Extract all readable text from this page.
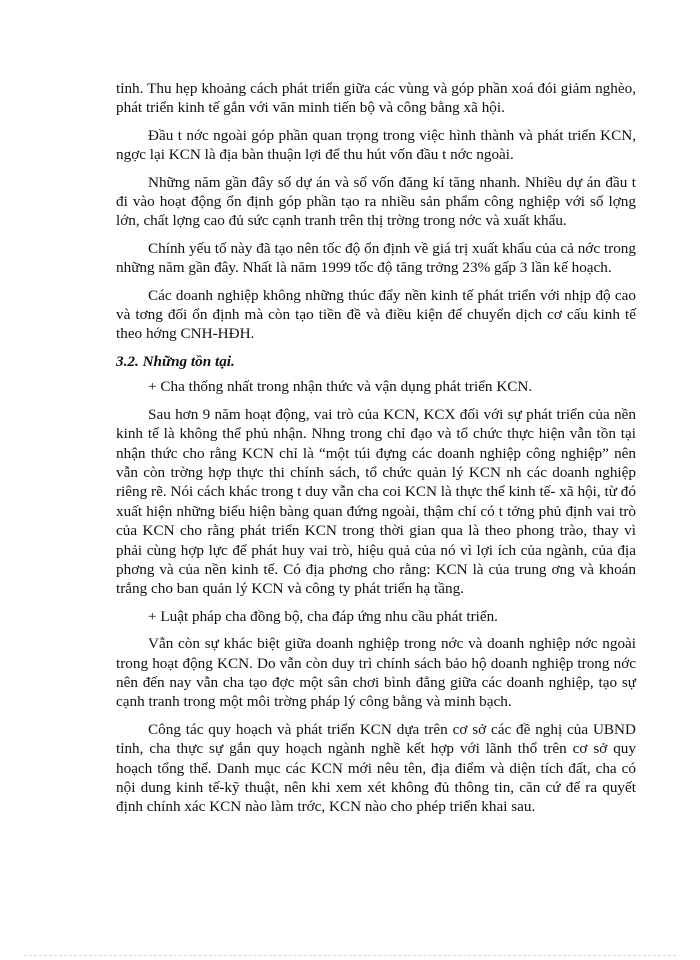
tỉnh. Thu hẹp khoảng cách phát triển giữa các vùng và góp phần xoá đói giảm nghèo, phát triển kinh tế gắn với văn minh tiến bộ và công bằng xã hội.

Đầu t nớc ngoài góp phần quan trọng trong việc hình thành và phát triển KCN, ngợc lại KCN là địa bàn thuận lợi để thu hút vốn đầu t nớc ngoài.

Những năm gần đây số dự án và số vốn đăng kí tăng nhanh. Nhiều dự án đầu t đi vào hoạt động ổn định góp phần tạo ra nhiều sản phẩm công nghiệp với số lợng lớn, chất lợng cao đủ sức cạnh tranh trên thị trờng trong nớc và xuất khẩu.

Chính yếu tố này đã tạo nên tốc độ ổn định về giá trị xuất khẩu của cả nớc trong những năm gần đây. Nhất là năm 1999 tốc độ tăng trởng 23% gấp 3 lần kế hoạch.

Các doanh nghiệp không những thúc đẩy nền kinh tế phát triển với nhịp độ cao và tơng đối ổn định mà còn tạo tiền đề và điều kiện để chuyển dịch cơ cấu kinh tế theo hớng CNH-HĐH.

3.2. Những tồn tại.

+ Cha thống nhất trong nhận thức và vận dụng phát triển KCN.

Sau hơn 9 năm hoạt động, vai trò của KCN, KCX đối với sự phát triển của nền kinh tế là không thể phủ nhận. Nhng trong chỉ đạo và tổ chức thực hiện vẫn tồn tại nhận thức cho rằng KCN chỉ là “một túi đựng các doanh nghiệp công nghiệp” nên vẫn còn trờng hợp thực thi chính sách, tổ chức quản lý KCN nh các doanh nghiệp riêng rẽ. Nói cách khác trong t duy vẫn cha coi KCN là thực thể kinh tế- xã hội, từ đó xuất hiện những biểu hiện bàng quan đứng ngoài, thậm chí có t tởng phủ định vai trò của KCN cho rằng phát triển KCN trong thời gian qua là theo phong trào, thay vì phải cùng hợp lực để phát huy vai trò, hiệu quả của nó vì lợi ích của ngành, của địa phơng và của nền kinh tế. Có địa phơng cho rằng: KCN là của trung ơng và khoán trắng cho ban quản lý KCN và công ty phát triển hạ tầng.

+ Luật pháp cha đồng bộ, cha đáp ứng nhu cầu phát triển.

Vẫn còn sự khác biệt giữa doanh nghiệp trong nớc và doanh nghiệp nớc ngoài trong hoạt động KCN. Do vẫn còn duy trì chính sách bảo hộ doanh nghiệp trong nớc nên đến nay vẫn cha tạo đợc một sân chơi bình đẳng giữa các doanh nghiệp, tạo sự cạnh tranh trong một môi trờng pháp lý công bằng và minh bạch.

Công tác quy hoạch và phát triển KCN dựa trên cơ sở các đề nghị của UBND tỉnh, cha thực sự gắn quy hoạch ngành nghề kết hợp với lãnh thổ trên cơ sở quy hoạch tổng thể. Danh mục các KCN mới nêu tên, địa điểm và diện tích đất, cha có nội dung kinh tế-kỹ thuật, nên khi xem xét không đủ thông tin, căn cứ để ra quyết định chính xác KCN nào làm trớc, KCN nào cho phép triển khai sau.
